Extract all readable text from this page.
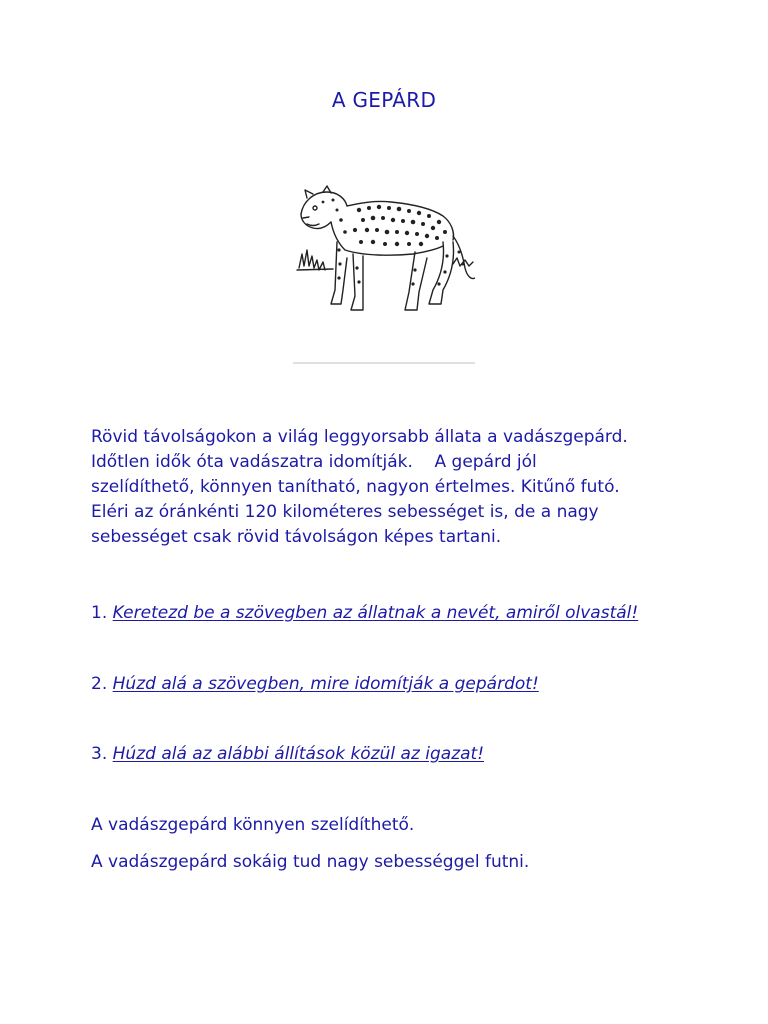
A GEPÁRD
Rövid távolságokon a világ leggyorsabb állata a vadászgepárd.
Időtlen idők óta vadászatra idomítják.    A gepárd jól
szelídíthető, könnyen tanítható, nagyon értelmes. Kitűnő futó.
Eléri az óránkénti 120 kilométeres sebességet is, de a nagy
sebességet csak rövid távolságon képes tartani.
1. Keretezd be a szövegben az állatnak a nevét, amiről olvastál!
2. Húzd alá a szövegben, mire idomítják a gepárdot!
3. Húzd alá az alábbi állítások közül az igazat!
A vadászgepárd könnyen szelídíthető.
A vadászgepárd sokáig tud nagy sebességgel futni.
